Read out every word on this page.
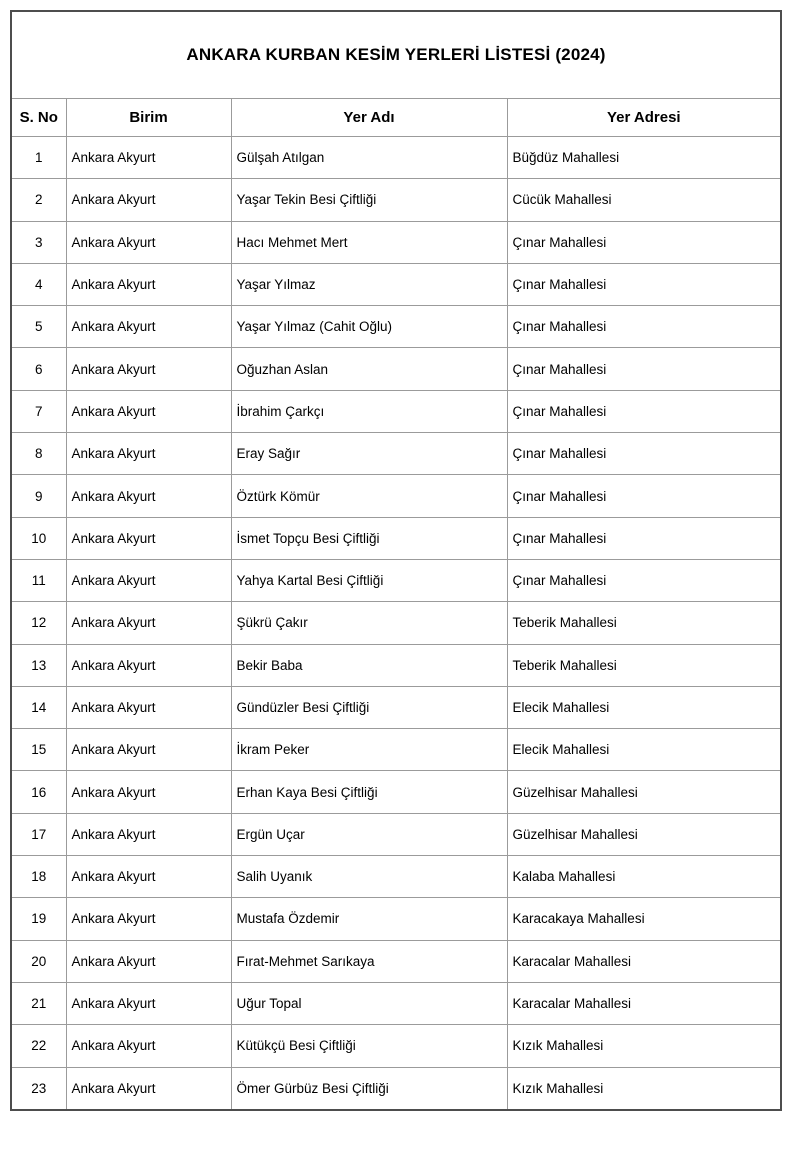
ANKARA KURBAN KESİM YERLERİ LİSTESİ (2024)			
S. No	Birim	Yer Adı	Yer Adresi
1	Ankara Akyurt	Gülşah Atılgan	Büğdüz Mahallesi
2	Ankara Akyurt	Yaşar Tekin Besi Çiftliği	Cücük Mahallesi
3	Ankara Akyurt	Hacı Mehmet Mert	Çınar Mahallesi
4	Ankara Akyurt	Yaşar Yılmaz	Çınar Mahallesi
5	Ankara Akyurt	Yaşar Yılmaz (Cahit Oğlu)	Çınar Mahallesi
6	Ankara Akyurt	Oğuzhan Aslan	Çınar Mahallesi
7	Ankara Akyurt	İbrahim Çarkçı	Çınar Mahallesi
8	Ankara Akyurt	Eray Sağır	Çınar Mahallesi
9	Ankara Akyurt	Öztürk Kömür	Çınar Mahallesi
10	Ankara Akyurt	İsmet Topçu Besi Çiftliği	Çınar Mahallesi
11	Ankara Akyurt	Yahya Kartal Besi Çiftliği	Çınar Mahallesi
12	Ankara Akyurt	Şükrü Çakır	Teberik Mahallesi
13	Ankara Akyurt	Bekir Baba	Teberik Mahallesi
14	Ankara Akyurt	Gündüzler Besi Çiftliği	Elecik Mahallesi
15	Ankara Akyurt	İkram Peker	Elecik Mahallesi
16	Ankara Akyurt	Erhan Kaya Besi Çiftliği	Güzelhisar Mahallesi
17	Ankara Akyurt	Ergün Uçar	Güzelhisar Mahallesi
18	Ankara Akyurt	Salih Uyanık	Kalaba Mahallesi
19	Ankara Akyurt	Mustafa Özdemir	Karacakaya Mahallesi
20	Ankara Akyurt	Fırat-Mehmet Sarıkaya	Karacalar Mahallesi
21	Ankara Akyurt	Uğur Topal	Karacalar Mahallesi
22	Ankara Akyurt	Kütükçü Besi Çiftliği	Kızık Mahallesi
23	Ankara Akyurt	Ömer Gürbüz Besi Çiftliği	Kızık Mahallesi
